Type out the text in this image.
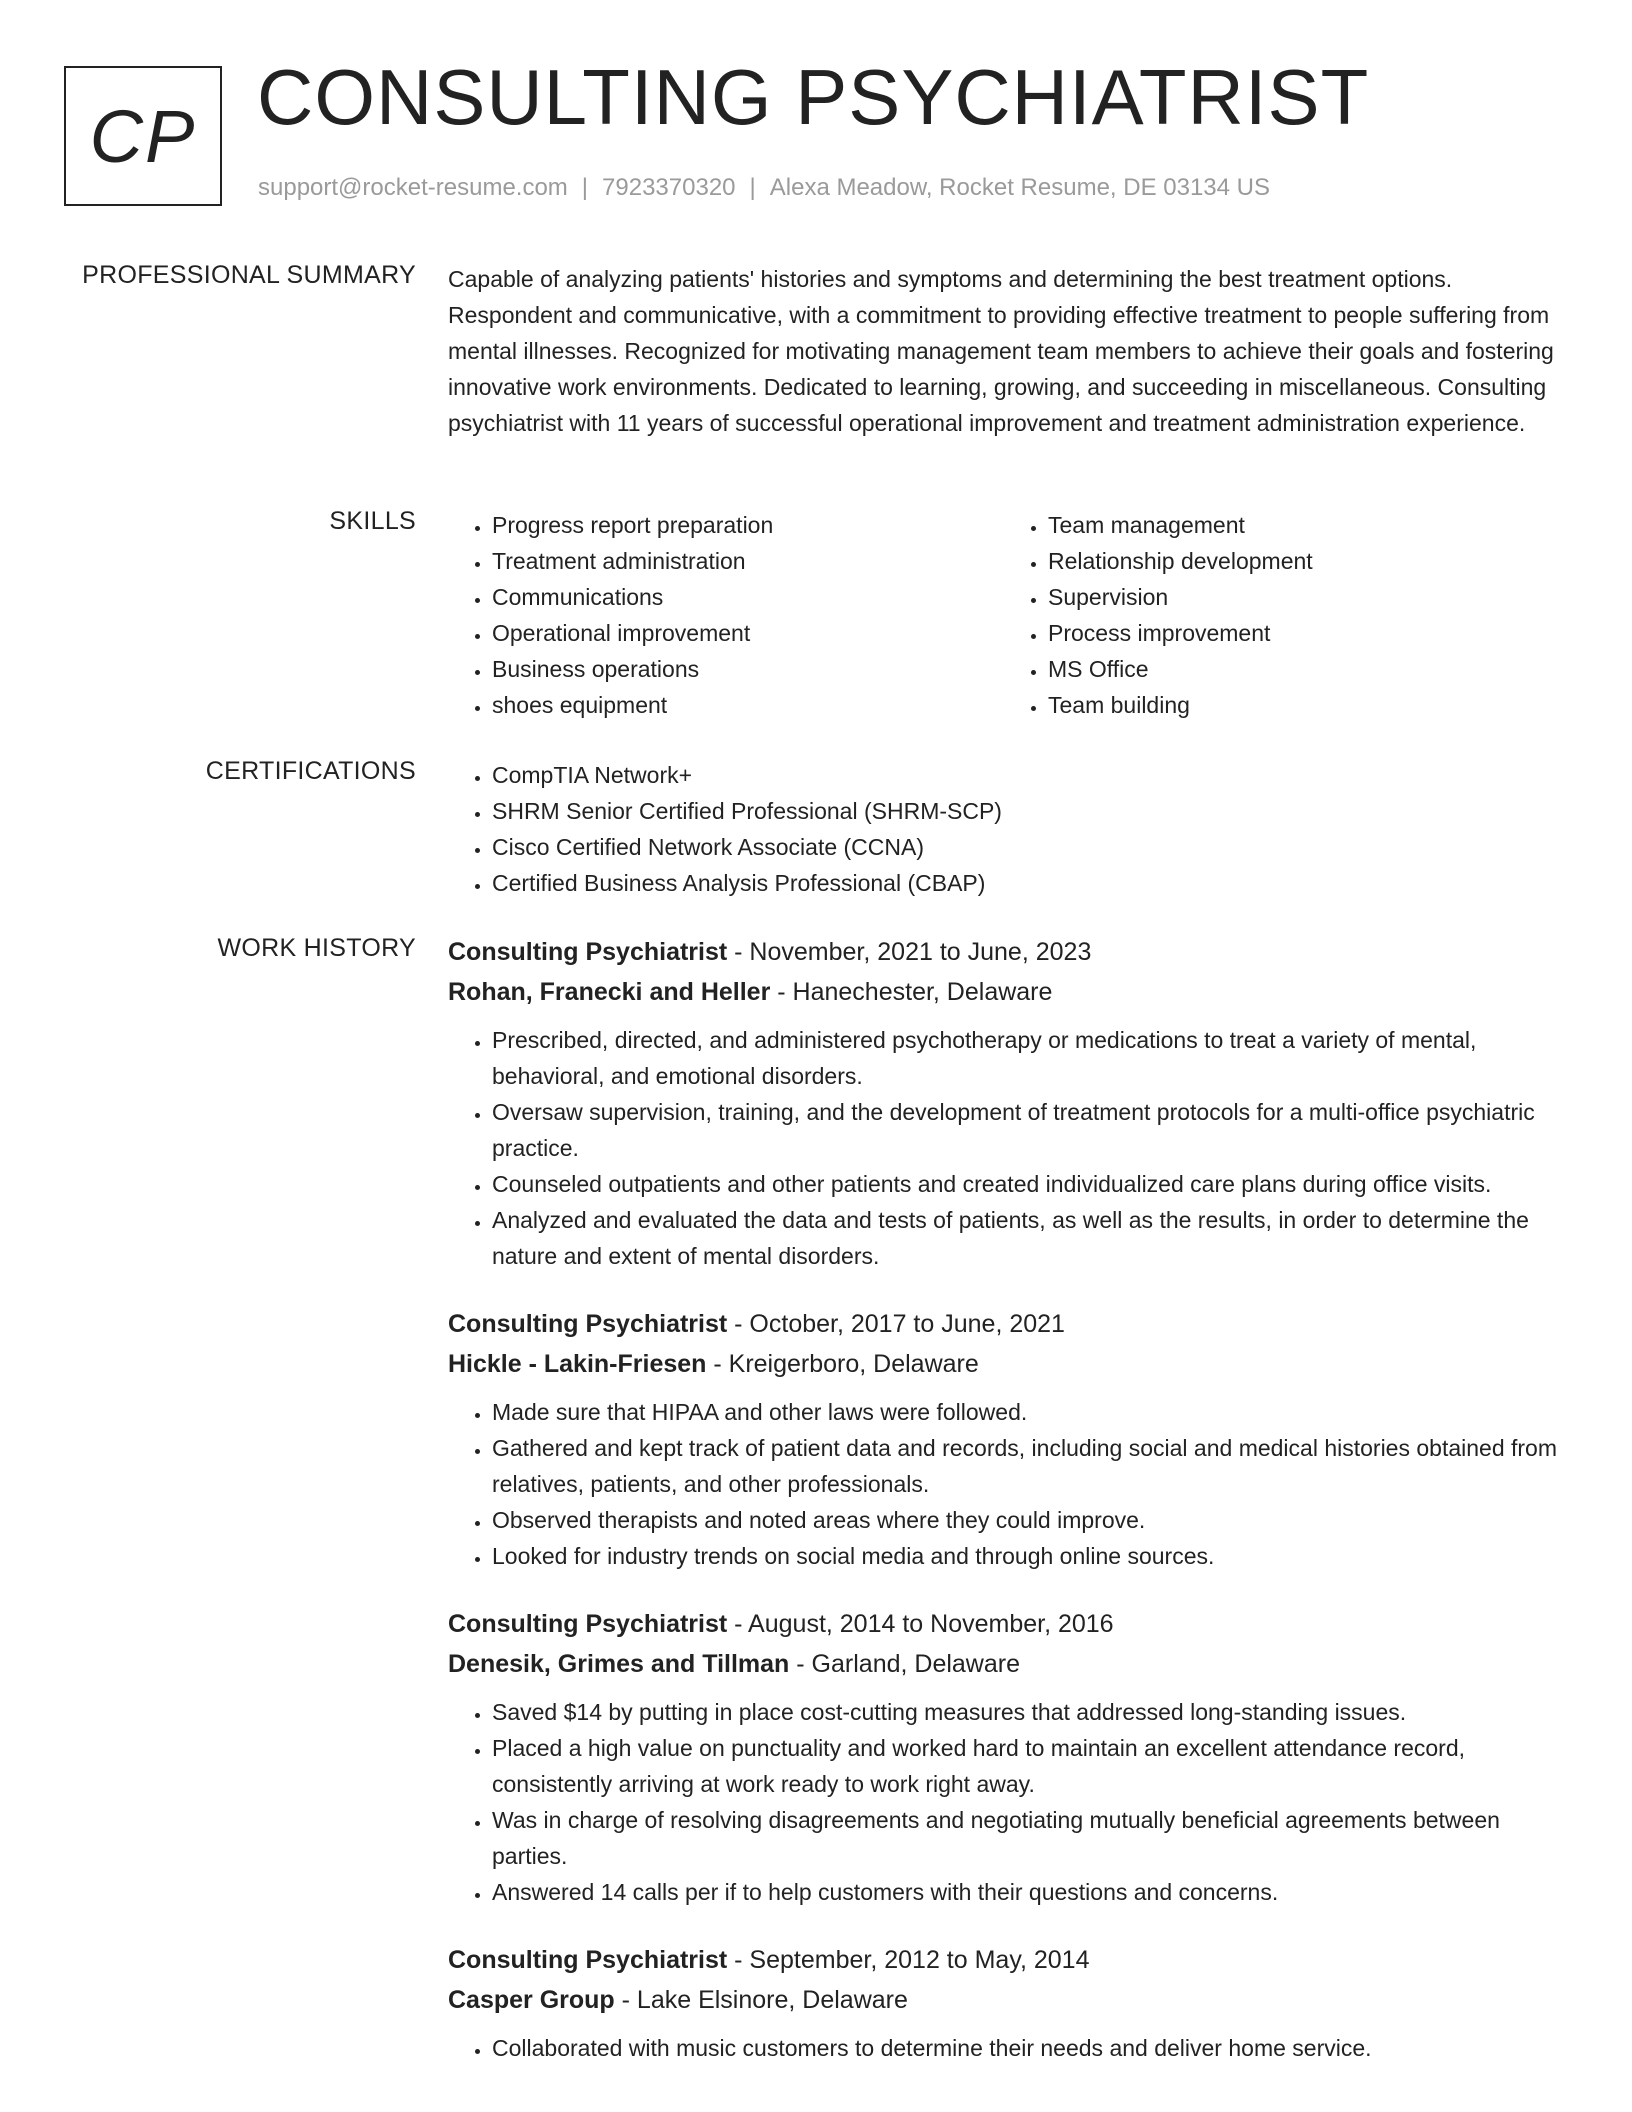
CP CONSULTING PSYCHIATRIST
support@rocket-resume.com | 7923370320 | Alexa Meadow, Rocket Resume, DE 03134 US
PROFESSIONAL SUMMARY Capable of analyzing patients' histories and symptoms and determining the best treatment options. Respondent and communicative, with a commitment to providing effective treatment to people suffering from mental illnesses. Recognized for motivating management team members to achieve their goals and fostering innovative work environments. Dedicated to learning, growing, and succeeding in miscellaneous. Consulting psychiatrist with 11 years of successful operational improvement and treatment administration experience.

SKILLS	• Progress report preparation
• Treatment administration
• Communications
• Operational improvement
• Business operations
• shoes equipment
• Team management
• Relationship development
• Supervision
• Process improvement
• MS Office
• Team building
CERTIFICATIONS	• CompTIA Network+
• SHRM Senior Certified Professional (SHRM-SCP)
• Cisco Certified Network Associate (CCNA)
• Certified Business Analysis Professional (CBAP)
WORK HISTORY Consulting Psychiatrist - November, 2021 to June, 2023
Rohan, Franecki and Heller - Hanechester, Delaware
• Prescribed, directed, and administered psychotherapy or medications to treat a variety of mental, behavioral, and emotional disorders.
• Oversaw supervision, training, and the development of treatment protocols for a multi-office psychiatric practice.
• Counseled outpatients and other patients and created individualized care plans during office visits.
• Analyzed and evaluated the data and tests of patients, as well as the results, in order to determine the nature and extent of mental disorders.
Consulting Psychiatrist - October, 2017 to June, 2021
Hickle - Lakin-Friesen - Kreigerboro, Delaware
• Made sure that HIPAA and other laws were followed.
• Gathered and kept track of patient data and records, including social and medical histories obtained from relatives, patients, and other professionals.
• Observed therapists and noted areas where they could improve.
• Looked for industry trends on social media and through online sources.
Consulting Psychiatrist - August, 2014 to November, 2016
Denesik, Grimes and Tillman - Garland, Delaware
• Saved $14 by putting in place cost-cutting measures that addressed long-standing issues.
• Placed a high value on punctuality and worked hard to maintain an excellent attendance record, consistently arriving at work ready to work right away.
• Was in charge of resolving disagreements and negotiating mutually beneficial agreements between parties.
• Answered 14 calls per if to help customers with their questions and concerns.
Consulting Psychiatrist - September, 2012 to May, 2014
Casper Group - Lake Elsinore, Delaware
• Collaborated with music customers to determine their needs and deliver home service.
